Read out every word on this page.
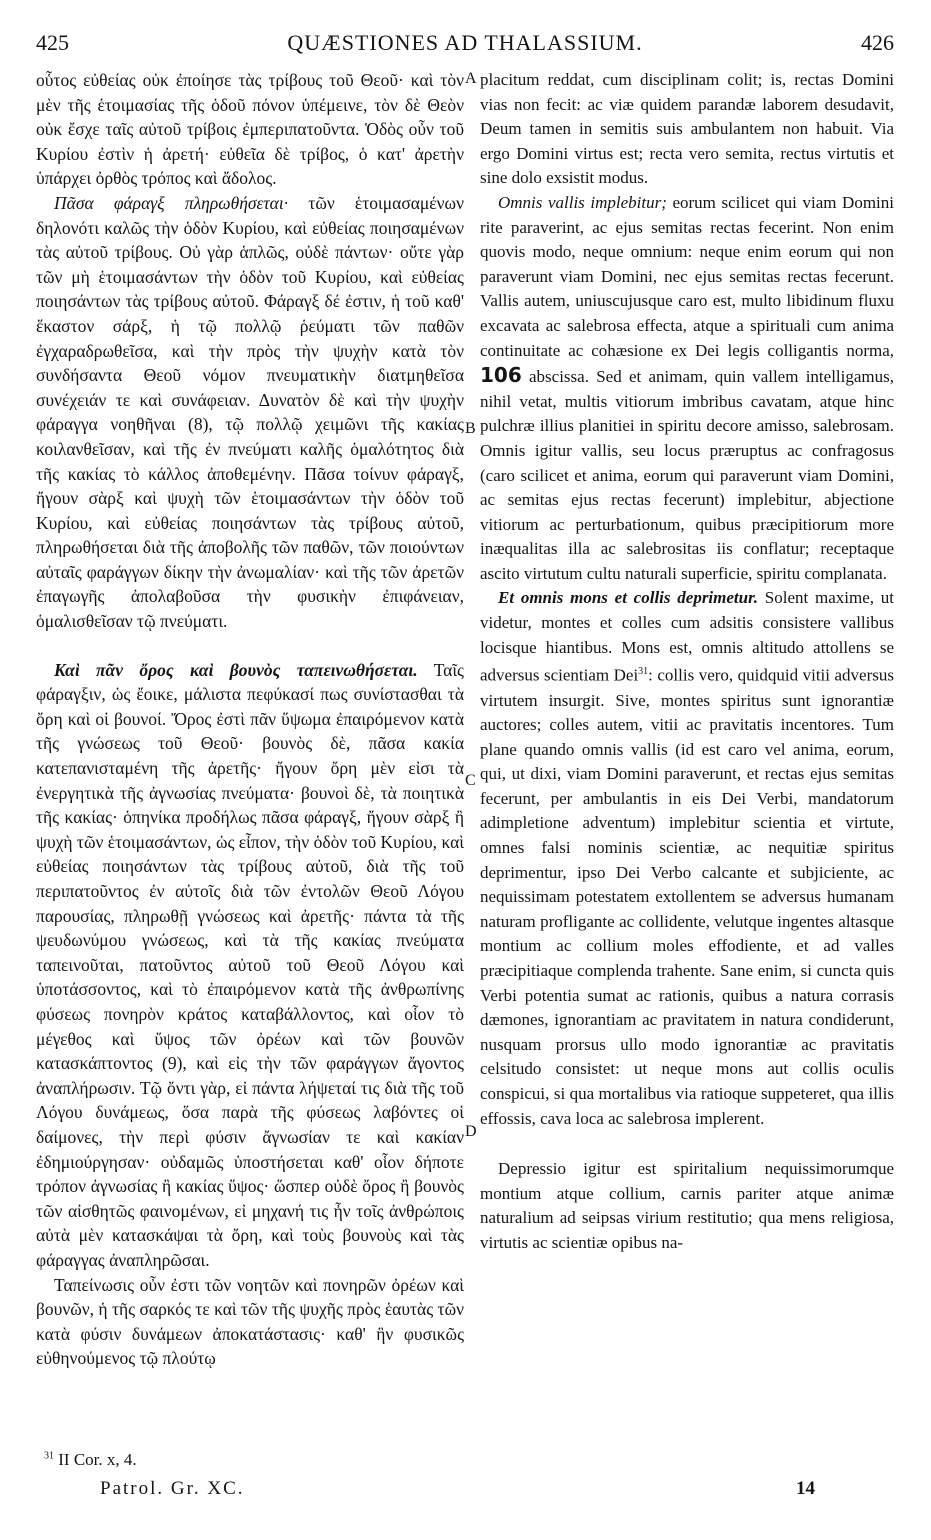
425	QUÆSTIONES AD THALASSIUM.	426

οὗτος εὐθείας οὐκ ἐποίησε τὰς τρίβους τοῦ Θεοῦ· καὶ τὸν μὲν τῆς ἑτοιμασίας τῆς ὁδοῦ πόνον ὑπέμεινε, τὸν δὲ Θεὸν οὐκ ἔσχε ταῖς αὐτοῦ τρίβοις ἐμπεριπατοῦντα. Ὁδὸς οὖν τοῦ Κυρίου ἐστὶν ἡ ἀρετή· εὐθεῖα δὲ τρίβος, ὁ κατ' ἀρετὴν ὑπάρχει ὀρθὸς τρόπος καὶ ἄδολος.

Πᾶσα φάραγξ πληρωθήσεται· τῶν ἑτοιμασαμένων δηλονότι καλῶς τὴν ὁδὸν Κυρίου, καὶ εὐθείας ποιησαμένων τὰς αὐτοῦ τρίβους. Οὐ γὰρ ἁπλῶς, οὐδὲ πάντων· οὔτε γὰρ τῶν μὴ ἑτοιμασάντων τὴν ὁδὸν τοῦ Κυρίου, καὶ εὐθείας ποιησάντων τὰς τρίβους αὐτοῦ. Φάραγξ δέ ἐστιν, ἡ τοῦ καθ' ἕκαστον σάρξ, ἡ τῷ πολλῷ ῥεύματι τῶν παθῶν ἐγχαραδρωθεῖσα, καὶ τὴν πρὸς τὴν ψυχὴν κατὰ τὸν συνδήσαντα Θεοῦ νόμον πνευματικὴν διατμηθεῖσα συνέχειάν τε καὶ συνάφειαν. Δυνατὸν δὲ καὶ τὴν ψυχὴν φάραγγα νοηθῆναι (8), τῷ πολλῷ χειμῶνι τῆς κακίας κοιλανθεῖσαν, καὶ τῆς ἐν πνεύματι καλῆς ὁμαλότητος διὰ τῆς κακίας τὸ κάλλος ἀποθεμένην. Πᾶσα τοίνυν φάραγξ, ἤγουν σὰρξ καὶ ψυχὴ τῶν ἑτοιμασάντων τὴν ὁδὸν τοῦ Κυρίου, καὶ εὐθείας ποιησάντων τὰς τρίβους αὐτοῦ, πληρωθήσεται διὰ τῆς ἀποβολῆς τῶν παθῶν, τῶν ποιούντων αὐταῖς φαράγγων δίκην τὴν ἀνωμαλίαν· καὶ τῆς τῶν ἀρετῶν ἐπαγωγῆς ἀπολαβοῦσα τὴν φυσικὴν ἐπιφάνειαν, ὁμαλισθεῖσαν τῷ πνεύματι.

Καὶ πᾶν ὄρος καὶ βουνὸς ταπεινωθήσεται. Ταῖς φάραγξιν, ὡς ἔοικε, μάλιστα πεφύκασί πως συνίστασθαι τὰ ὄρη καὶ οἱ βουνοί. Ὄρος ἐστὶ πᾶν ὕψωμα ἐπαιρόμενον κατὰ τῆς γνώσεως τοῦ Θεοῦ· βουνὸς δὲ, πᾶσα κακία κατεπανισταμένη τῆς ἀρετῆς· ἤγουν ὄρη μὲν εἰσι τὰ ἐνεργητικὰ τῆς ἀγνωσίας πνεύματα· βουνοὶ δὲ, τὰ ποιητικὰ τῆς κακίας· ὁπηνίκα προδήλως πᾶσα φάραγξ, ἤγουν σὰρξ ἢ ψυχὴ τῶν ἑτοιμασάντων, ὡς εἶπον, τὴν ὁδὸν τοῦ Κυρίου, καὶ εὐθείας ποιησάντων τὰς τρίβους αὐτοῦ, διὰ τῆς τοῦ περιπατοῦντος ἐν αὐτοῖς διὰ τῶν ἐντολῶν Θεοῦ Λόγου παρουσίας, πληρωθῇ γνώσεως καὶ ἀρετῆς· πάντα τὰ τῆς ψευδωνύμου γνώσεως, καὶ τὰ τῆς κακίας πνεύματα ταπεινοῦται, πατοῦντος αὐτοῦ τοῦ Θεοῦ Λόγου καὶ ὑποτάσσοντος, καὶ τὸ ἐπαιρόμενον κατὰ τῆς ἀνθρωπίνης φύσεως πονηρὸν κράτος καταβάλλοντος, καὶ οἷον τὸ μέγεθος καὶ ὕψος τῶν ὀρέων καὶ τῶν βουνῶν κατασκάπτοντος (9), καὶ εἰς τὴν τῶν φαράγγων ἄγοντος ἀναπλήρωσιν. Τῷ ὄντι γὰρ, εἰ πάντα λήψεταί τις διὰ τῆς τοῦ Λόγου δυνάμεως, ὅσα παρὰ τῆς φύσεως λαβόντες οἱ δαίμονες, τὴν περὶ φύσιν ἄγνωσίαν τε καὶ κακίαν ἐδημιούργησαν· οὐδαμῶς ὑποστήσεται καθ' οἷον δήποτε τρόπον ἀγνωσίας ἢ κακίας ὕψος· ὥσπερ οὐδὲ ὄρος ἢ βουνὸς τῶν αἰσθητῶς φαινομένων, εἰ μηχανή τις ἦν τοῖς ἀνθρώποις αὐτὰ μὲν κατασκάψαι τὰ ὄρη, καὶ τοὺς βουνοὺς καὶ τὰς φάραγγας ἀναπληρῶσαι.

Ταπείνωσις οὖν ἐστι τῶν νοητῶν καὶ πονηρῶν ὀρέων καὶ βουνῶν, ἡ τῆς σαρκός τε καὶ τῶν τῆς ψυχῆς πρὸς ἑαυτὰς τῶν κατὰ φύσιν δυνάμεων ἀποκατάστασις· καθ' ἣν φυσικῶς εὐθηνούμενος τῷ πλούτῳ

A
B
C
D

placitum reddat, cum disciplinam colit; is, rectas Domini vias non fecit: ac viæ quidem parandæ laborem desudavit, Deum tamen in semitis suis ambulantem non habuit. Via ergo Domini virtus est; recta vero semita, rectus virtutis et sine dolo exsistit modus.

Omnis vallis implebitur; eorum scilicet qui viam Domini rite paraverint, ac ejus semitas rectas fecerint. Non enim quovis modo, neque omnium: neque enim eorum qui non paraverunt viam Domini, nec ejus semitas rectas fecerunt. Vallis autem, uniuscujusque caro est, multo libidinum fluxu excavata ac salebrosa effecta, atque a spirituali cum anima continuitate ac cohæsione ex Dei legis colligantis norma, 106 abscissa. Sed et animam, quin vallem intelligamus, nihil vetat, multis vitiorum imbribus cavatam, atque hinc pulchræ illius planitiei in spiritu decore amisso, salebrosam. Omnis igitur vallis, seu locus præruptus ac confragosus (caro scilicet et anima, eorum qui paraverunt viam Domini, ac semitas ejus rectas fecerunt) implebitur, abjectione vitiorum ac perturbationum, quibus præcipitiorum more inæqualitas illa ac salebrositas iis conflatur; receptaque ascito virtutum cultu naturali superficie, spiritu complanata.

Et omnis mons et collis deprimetur. Solent maxime, ut videtur, montes et colles cum adsitis consistere vallibus locisque hiantibus. Mons est, omnis altitudo attollens se adversus scientiam Dei$^{31}$: collis vero, quidquid vitii adversus virtutem insurgit. Sive, montes spiritus sunt ignorantiæ auctores; colles autem, vitii ac pravitatis incentores. Tum plane quando omnis vallis (id est caro vel anima, eorum, qui, ut dixi, viam Domini paraverunt, et rectas ejus semitas fecerunt, per ambulantis in eis Dei Verbi, mandatorum adimpletione adventum) implebitur scientia et virtute, omnes falsi nominis scientiæ, ac nequitiæ spiritus deprimentur, ipso Dei Verbo calcante et subjiciente, ac nequissimam potestatem extollentem se adversus humanam naturam profligante ac collidente, velutque ingentes altasque montium ac collium moles effodiente, et ad valles præcipitiaque complenda trahente. Sane enim, si cuncta quis Verbi potentia sumat ac rationis, quibus a natura corrasis dæmones, ignorantiam ac pravitatem in natura condiderunt, nusquam prorsus ullo modo ignorantiæ ac pravitatis celsitudo consistet: ut neque mons aut collis oculis conspicui, si qua mortalibus via ratioque suppeteret, qua illis effossis, cava loca ac salebrosa implerent.

Depressio igitur est spiritalium nequissimorumque montium atque collium, carnis pariter atque animæ naturalium ad seipsas virium restitutio; qua mens religiosa, virtutis ac scientiæ opibus na-

$^{31}$ II Cor. x, 4.
Patrol. Gr. XC.	14
